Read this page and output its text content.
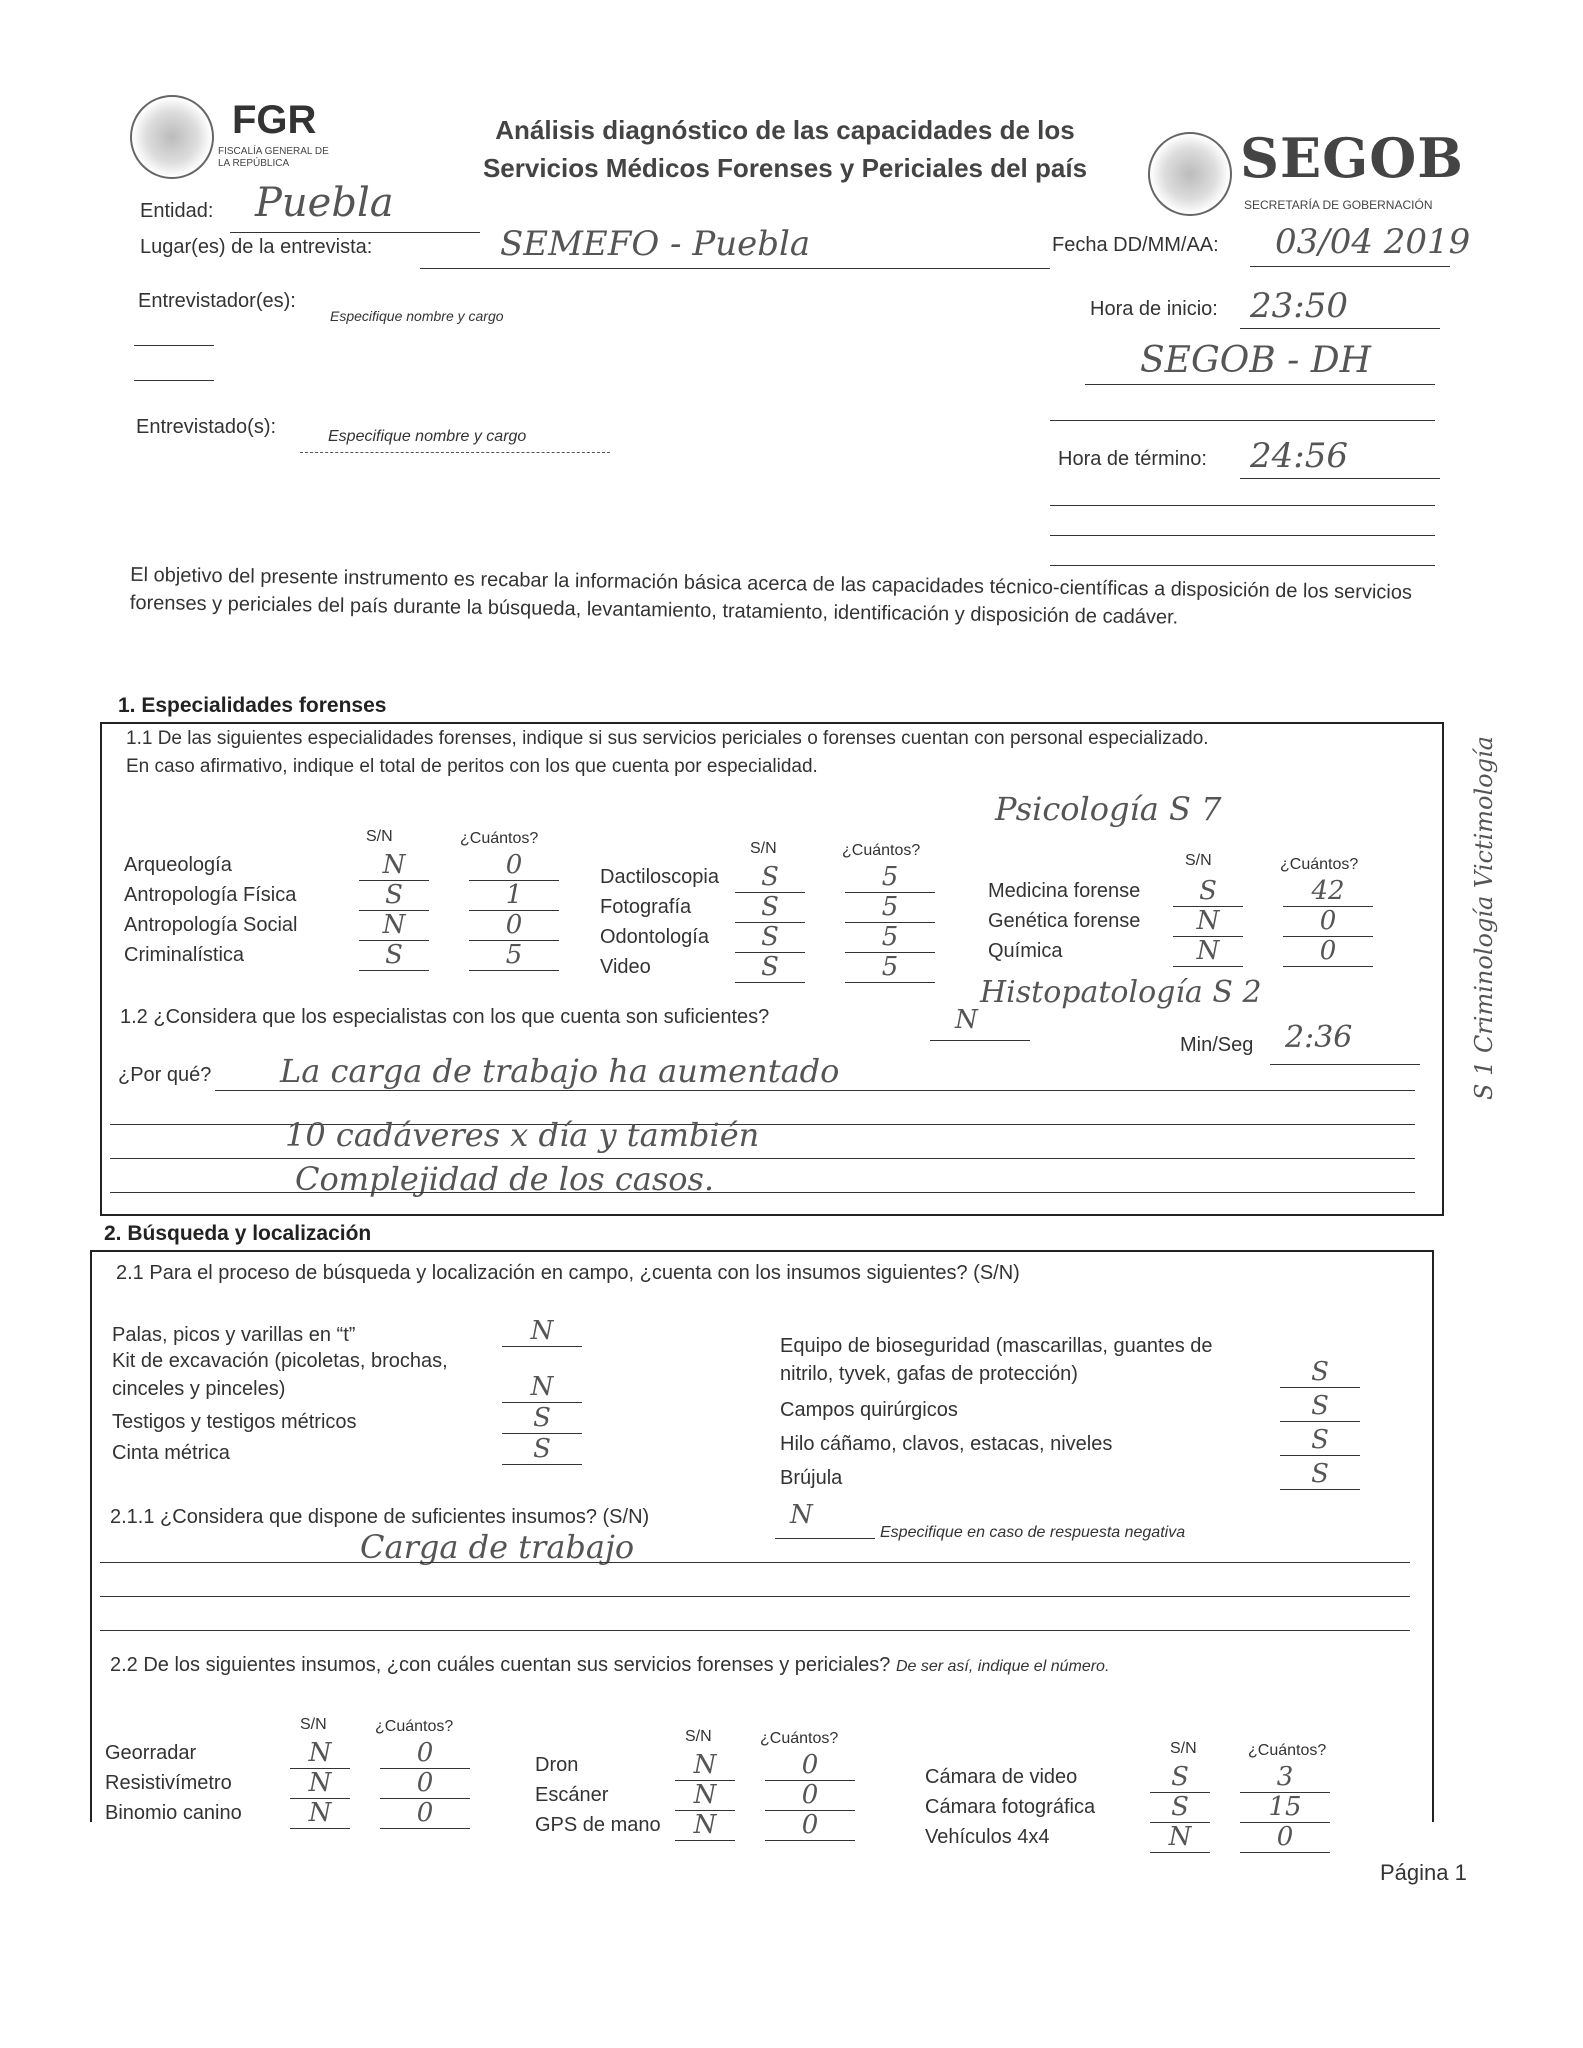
FGR
FISCALÍA GENERAL DE LA REPÚBLICA
Análisis diagnóstico de las capacidades de los
Servicios Médicos Forenses y Periciales del país	SEGOB
SECRETARÍA DE GOBERNACIÓN
Entidad: Puebla
Lugar(es) de la entrevista:	SEMEFO - Puebla	Fecha DD/MM/AA: 03/04 2019
Entrevistador(es):
Especifique nombre y cargo	Hora de inicio: 23:50
SEGOB - DH
Entrevistado(s):	Especifique nombre y cargo
Hora de término: 24:56
El objetivo del presente instrumento es recabar la información básica acerca de las capacidades técnico-científicas a disposición de los servicios forenses y periciales del país durante la búsqueda, levantamiento, tratamiento, identificación y disposición de cadáver.
1. Especialidades forenses
1.1 De las siguientes especialidades forenses, indique si sus servicios periciales o forenses cuentan con personal especializado.
En caso afirmativo, indique el total de peritos con los que cuenta por especialidad.
Psicología S 7	S 1 Criminología Victimología
S/N	¿Cuántos?
Arqueología	N	0
Antropología Física	S	1
Antropología Social	N	0
Criminalística	S	5
S/N	¿Cuántos?
Dactiloscopia	S	5
Fotografía	S	5
Odontología	S	5
Video	S	5
S/N	¿Cuántos?
Medicina forense	S	42
Genética forense	N	0
Química	N	0
Histopatología S 2
1.2 ¿Considera que los especialistas con los que cuenta son suficientes?	N
Min/Seg 2:36
¿Por qué? La carga de trabajo ha aumentado
10 cadáveres x día y también
Complejidad de los casos.
2. Búsqueda y localización
2.1 Para el proceso de búsqueda y localización en campo, ¿cuenta con los insumos siguientes? (S/N)
Palas, picos y varillas en “t”	N
Kit de excavación (picoletas, brochas, cinceles y pinceles)	N
Testigos y testigos métricos	S
Cinta métrica	S
Equipo de bioseguridad (mascarillas, guantes de nitrilo, tyvek, gafas de protección)	S
Campos quirúrgicos	S
Hilo cáñamo, clavos, estacas, niveles	S
Brújula	S
2.1.1 ¿Considera que dispone de suficientes insumos? (S/N)	N
Especifique en caso de respuesta negativa
Carga de trabajo
2.2 De los siguientes insumos, ¿con cuáles cuentan sus servicios forenses y periciales? De ser así, indique el número.
S/N	¿Cuántos?
Georradar	N	0
Resistivímetro	N	0
Binomio canino	N	0
S/N	¿Cuántos?
Dron	N	0
Escáner	N	0
GPS de mano	N	0
S/N	¿Cuántos?
Cámara de video	S	3
Cámara fotográfica	S	15
Vehículos 4x4	N	0
Página 1
